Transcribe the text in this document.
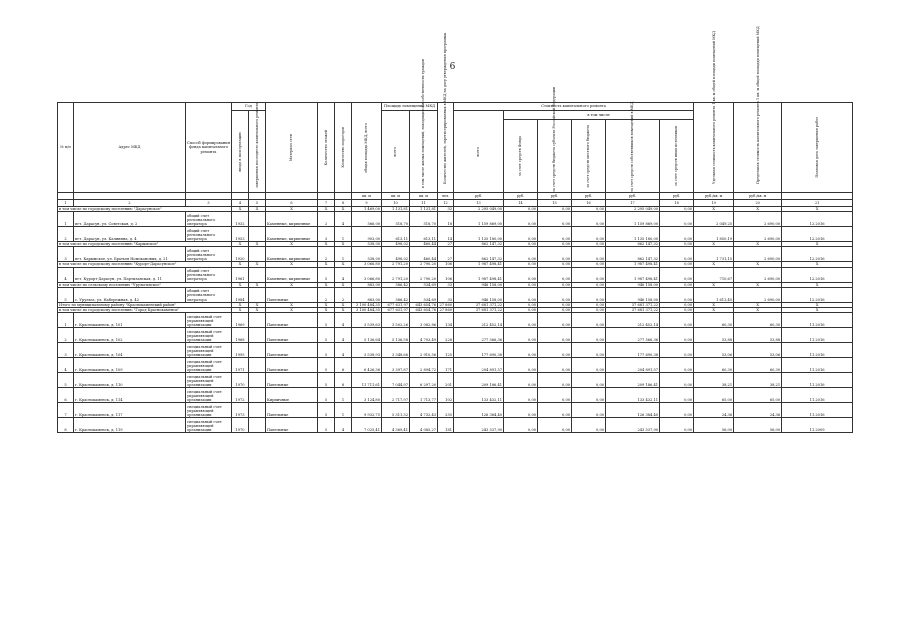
6
№ п/п	Адрес МКД	Способ формирования фонда капитального ремонта	Год		Материал стен	Количество этажей	Количество подъездов	общая площадь МКД, всего	Площадь помещений МКД		Количество жителей, зарегистрированных в МКД на дату утверждения программы	Стоимость капитального ремонта						Удельная стоимость капитального ремонта 1 кв. м общей площади помещений МКД	Предельная стоимость капитального ремонта 1 кв. м общей площади помещений МКД	Плановая дата завершения работ

			ввода в эксплуатацию	завершения последнего капитального ремонта					всего	в том числе жилых помещений, находящихся в собственности граждан		всего	в том числе							

													за счет средств Фонда	за счет средств бюджета субъекта Российской Федерации	за счет средств местного бюджета	за счет средств собственников помещений в МКД	за счет средств иных источников			

								кв. м	кв. м	кв. м	чел.	руб.	руб.	руб.	руб.	руб.	руб.	руб./кв. м	руб./кв. м	
1	2	3	4	5	6	7	8	9	10	11	12	13	14	15	16	17	18	19	20	21
в том числе по городскому поселению "Дарасунское"			X	X	X	X	X	1 469,00	1 131,81	1 131,81	32	2 295 049,00	0,00	0,00	0,00	2 295 049,00	0,00	X	X	X
1	пгт. Дарасун, ул. Советская, д. 2	общий счет регионального оператора	1932		Каменные, кирпичные	2	4	566,00	518,70	518,70	18	1 159 869,00	0,00	0,00	0,00	1 159 869,00	0,00	2 049,25	2 690,00	12.2016
2	пгт. Дарасун, ул. Калинина, д. 4	общий счет регионального оператора	1953		Каменные, кирпичные	3	1	903,00	613,11	613,11	14	1 135 180,00	0,00	0,00	0,00	1 135 180,00	0,00	1 850,19	2 690,00	12.2016
в том числе по городскому поселению "Карымское"			X	X	X	X	X	538,00	498,02	460,44	27	862 147,32	0,00	0,00	0,00	862 147,32	0,00	X	X	X
3	пгт. Карымское, ул. Братьев Номоконовых, д. 21	общий счет регионального оператора	1920		Каменные, кирпичные	2	1	538,00	498,02	460,44	27	862 147,32	0,00	0,00	0,00	862 147,32	0,00	1 731,15	2 690,00	12.2016
в том числе по городскому поселению "Курорт-Дарасунское"			X	X	X	X	X	3 066,80	2 791,20	2 790,20	106	1 987 498,41	0,00	0,00	0,00	1 987 498,41	0,00	X	X	X
4	пгт. Курорт-Дарасун, ул. Партизанская, д. 11	общий счет регионального оператора	1961		Каменные, кирпичные	5	4	3 066,80	2 791,20	2 790,20	106	1 987 498,41	0,00	0,00	0,00	1 987 498,41	0,00	710,67	2 690,00	12.2016
в том числе по сельскому поселению "Урульгинское"			X	X	X	X	X	883,00	586,42	534,69	33	946 158,00	0,00	0,00	0,00	946 158,00	0,00	X	X	X
5	с. Урульга, ул. Набережная, д. 42	общий счет регионального оператора	1984		Панельные	2	2	883,00	586,42	534,69	33	946 158,00	0,00	0,00	0,00	946 158,00	0,00	1 613,45	2 690,00	12.2016
Итого по муниципальному району "Краснокаменский район"			X	X	X	X	X	3 100 484,35	677 631,97	643 654,76	27 860	37 681 371,22	0,00	0,00	0,00	37 681 371,22	0,00	X	X	X
в том числе по городскому поселению "Город Краснокаменск"			X	X	X	X	X	3 100 484,35	677 631,97	643 654,76	27 860	37 681 371,22	0,00	0,00	0,00	37 681 371,22	0,00	X	X	X
1	г. Краснокаменск, д. 101	специальный счет управляющей организации	1969		Панельные	5	4	3 539,63	3 502,26	3 082,86	134	212 452,14	0,00	0,00	0,00	212 452,14	0,00	60,30	60,30	11.2016
2	г. Краснокаменск, д. 102	специальный счет управляющей организации	1968		Панельные	5	4	5 136,64	5 136,58	4 703,49	228	277 566,36	0,00	0,00	0,00	277 566,36	0,00	53,88	53,88	11.2016
3	г. Краснокаменск, д. 104	специальный счет управляющей организации	1995		Панельные	5	4	3 538,93	3 348,66	2 910,56	125	177 690,38	0,00	0,00	0,00	177 690,38	0,00	53,06	53,06	11.2016
4	г. Краснокаменск, д. 109	специальный счет управляющей организации	1971		Панельные	5	6	6 426,36	3 397,87	2 894,72	171	204 891,57	0,00	0,00	0,00	204 891,57	0,00	60,30	60,30	11.2016
5	г. Краснокаменск, д. 110	специальный счет управляющей организации	1970		Панельные	5	8	11 711,61	7 044,97	6 297,20	201	209 186,41	0,00	0,00	0,00	209 186,41	0,00	38,21	38,21	11.2016
6	г. Краснокаменск, д. 114	специальный счет управляющей организации	1972		Кирпичные	5	1	3 124,80	2 717,97	1 713,77	102	133 432,11	0,00	0,00	0,00	133 432,11	0,00	65,00	65,00	11.2016
7	г. Краснокаменск, д. 117	специальный счет управляющей организации	1973		Панельные	5	1	9 932,75	5 311,32	4 732,43	255	126 384,40	0,00	0,00	0,00	126 384,40	0,00	24,36	24,36	11.2016
8	г. Краснокаменск, д. 119	специальный счет управляющей организации	1970		Панельные	5	4	7 025,41	4 369,41	4 085,27	181	243 537,90	0,00	0,00	0,00	243 537,90	0,00	56,00	56,00	11.2009
